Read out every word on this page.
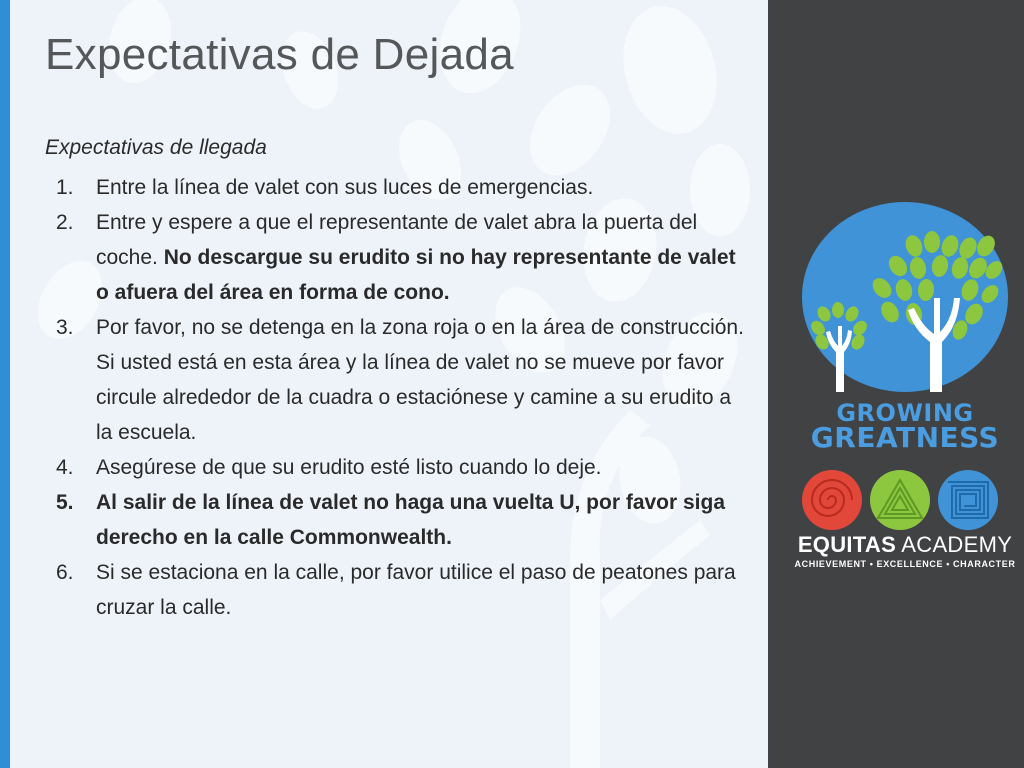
Expectativas de Dejada
Expectativas de llegada
1. Entre la línea de valet con sus luces de emergencias.
2. Entre y espere a que el representante de valet abra la puerta del coche. No descargue su erudito si no hay representante de valet o afuera del área en forma de cono.
3. Por favor, no se detenga en la zona roja o en la área de construcción. Si usted está en esta área y la línea de valet no se mueve por favor circule alrededor de la cuadra o estaciónese y camine a su erudito a la escuela.
4. Asegúrese de que su erudito esté listo cuando lo deje.
5. Al salir de la línea de valet no haga una vuelta U, por favor siga derecho en la calle Commonwealth.
6. Si se estaciona en la calle, por favor utilice el paso de peatones para cruzar la calle.
GROWING
GREATNESS
EQUITAS ACADEMY
ACHIEVEMENT • EXCELLENCE • CHARACTER
